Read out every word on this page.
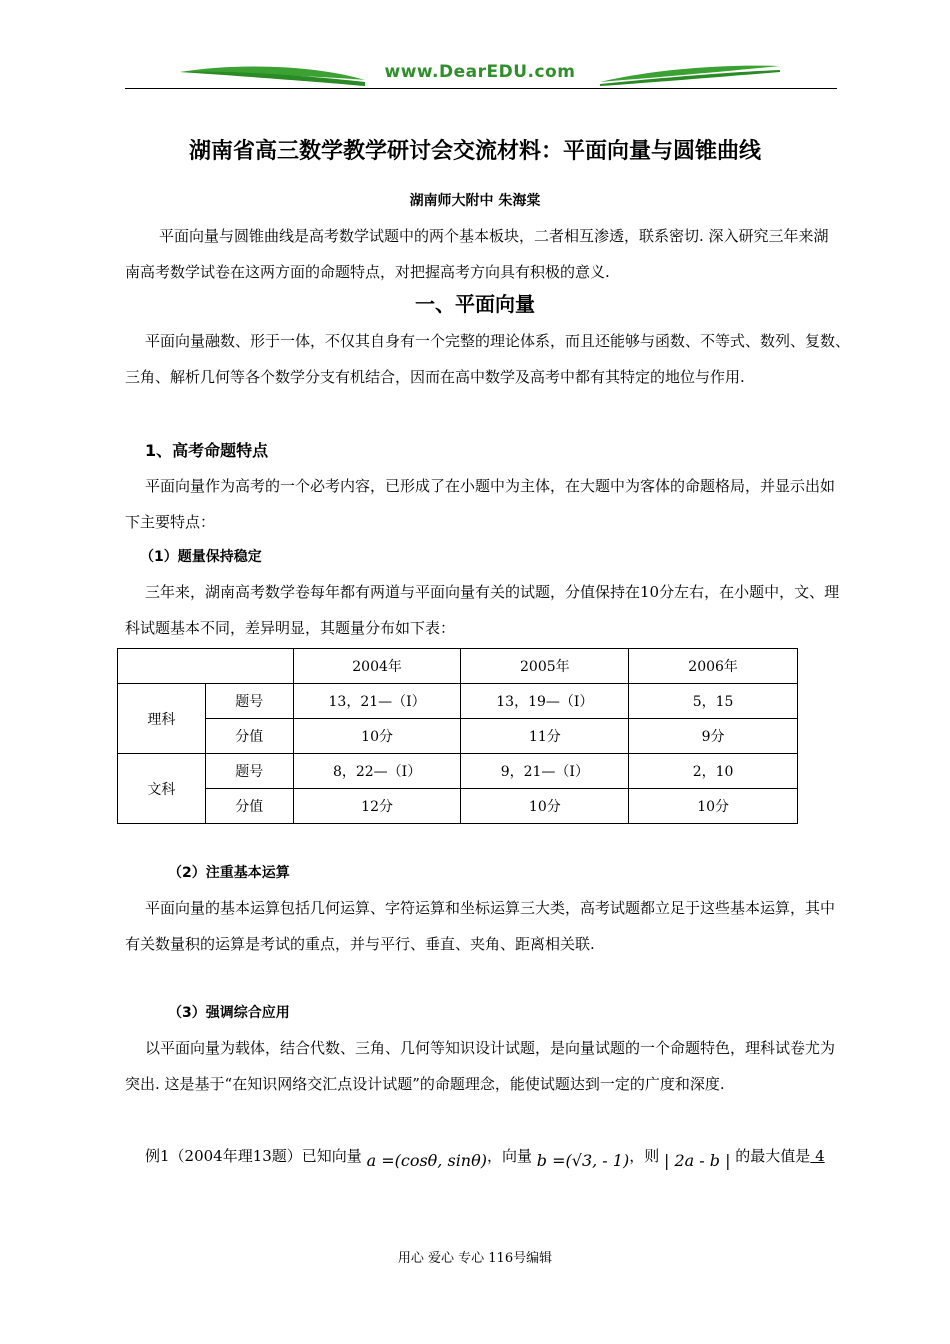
www.DearEDU.com
湖南省高三数学教学研讨会交流材料：平面向量与圆锥曲线
湖南师大附中 朱海棠
平面向量与圆锥曲线是高考数学试题中的两个基本板块，二者相互渗透，联系密切. 深入研究三年来湖南高考数学试卷在这两方面的命题特点，对把握高考方向具有积极的意义.
一、平面向量
平面向量融数、形于一体，不仅其自身有一个完整的理论体系，而且还能够与函数、不等式、数列、复数、三角、解析几何等各个数学分支有机结合，因而在高中数学及高考中都有其特定的地位与作用.
1、高考命题特点
平面向量作为高考的一个必考内容，已形成了在小题中为主体，在大题中为客体的命题格局，并显示出如下主要特点：
（1）题量保持稳定
三年来，湖南高考数学卷每年都有两道与平面向量有关的试题，分值保持在10分左右，在小题中，文、理科试题基本不同，差异明显，其题量分布如下表：
		2004年	2005年	2006年
理科	题号	13，21—（I）	13，19—（I）	5，15
	分值	10分	11分	9分
文科	题号	8，22—（I）	9，21—（I）	2，10
	分值	12分	10分	10分
（2）注重基本运算
平面向量的基本运算包括几何运算、字符运算和坐标运算三大类，高考试题都立足于这些基本运算，其中有关数量积的运算是考试的重点，并与平行、垂直、夹角、距离相关联.
（3）强调综合应用
以平面向量为载体，结合代数、三角、几何等知识设计试题，是向量试题的一个命题特色，理科试卷尤为突出. 这是基于“在知识网络交汇点设计试题”的命题理念，能使试题达到一定的广度和深度.
例1（2004年理13题）已知向量 a =(cosθ, sinθ)，向量 b =(√3, - 1)，则 | 2a - b | 的最大值是 4
用心 爱心 专心 116号编辑
